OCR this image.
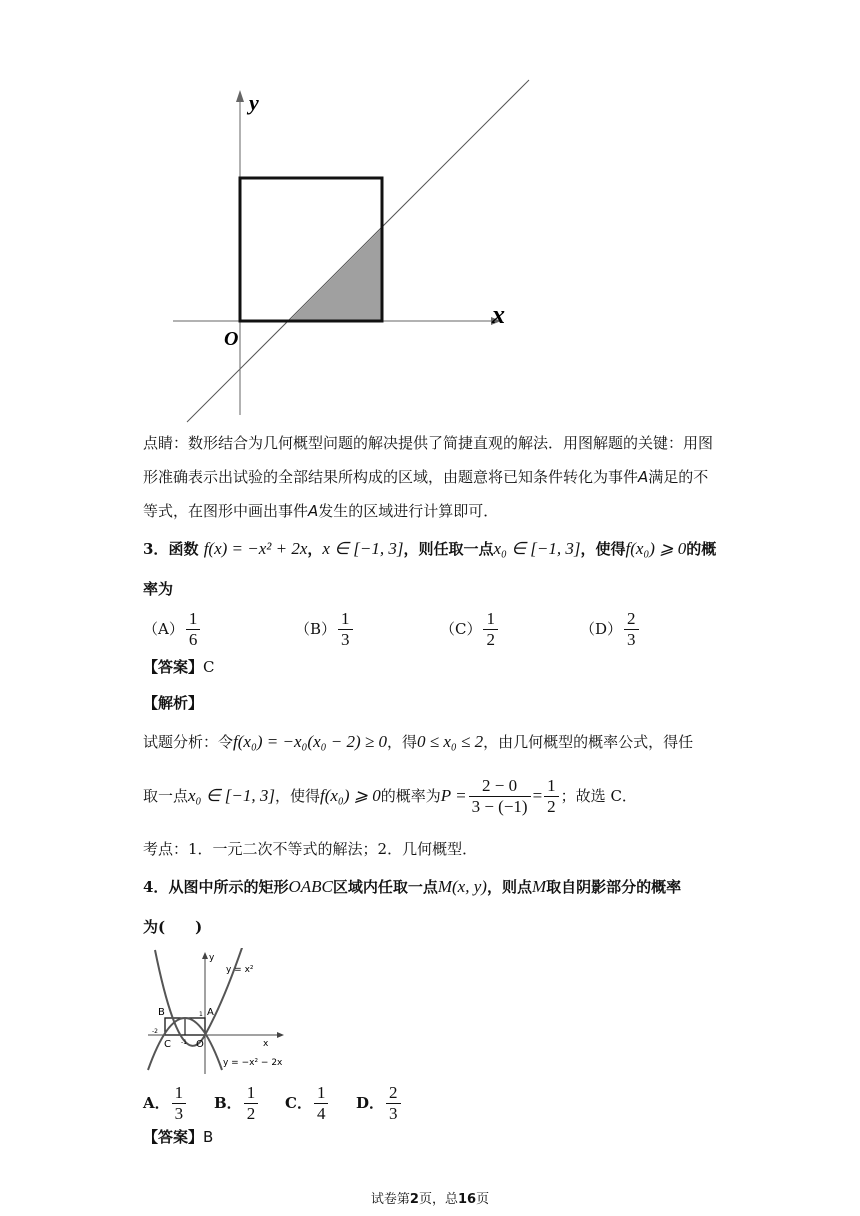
y
x
O
点睛：数形结合为几何概型问题的解决提供了简捷直观的解法．用图解题的关键：用图
形准确表示出试验的全部结果所构成的区域，由题意将已知条件转化为事件A满足的不
等式，在图形中画出事件A发生的区域进行计算即可．
3．函数 f(x) = −x² + 2x，x ∈ [−1, 3]，则任取一点x₀ ∈ [−1, 3]，使得f(x₀) ⩾ 0的概
率为
$(A) \frac{1}{6}$	$(B) \frac{1}{3}$	$(C) \frac{1}{2}$	$(D) \frac{2}{3}$
【答案】C
【解析】
试题分析：令f(x₀) = −x₀(x₀ − 2) ≥ 0，得0 ≤ x₀ ≤ 2，由几何概型的概率公式，得任
取一点x₀ ∈ [−1, 3]，使得f(x₀) ⩾ 0的概率为$P = \frac{2 - 0}{3 - (-1)} = \frac{1}{2}$ ；故选 C．
考点：1．一元二次不等式的解法；2．几何概型．
4．从图中所示的矩形OABC区域内任取一点M(x, y)，则点M取自阴影部分的概率
为(　　)
y
y = x²
y = −x² − 2x
B	A
C	O	x
-2
-1
1
A． $\frac{1}{3}$ B． $\frac{1}{2}$ C． $\frac{1}{4}$ D． $\frac{2}{3}$
【答案】B
试卷第2页，总16页
